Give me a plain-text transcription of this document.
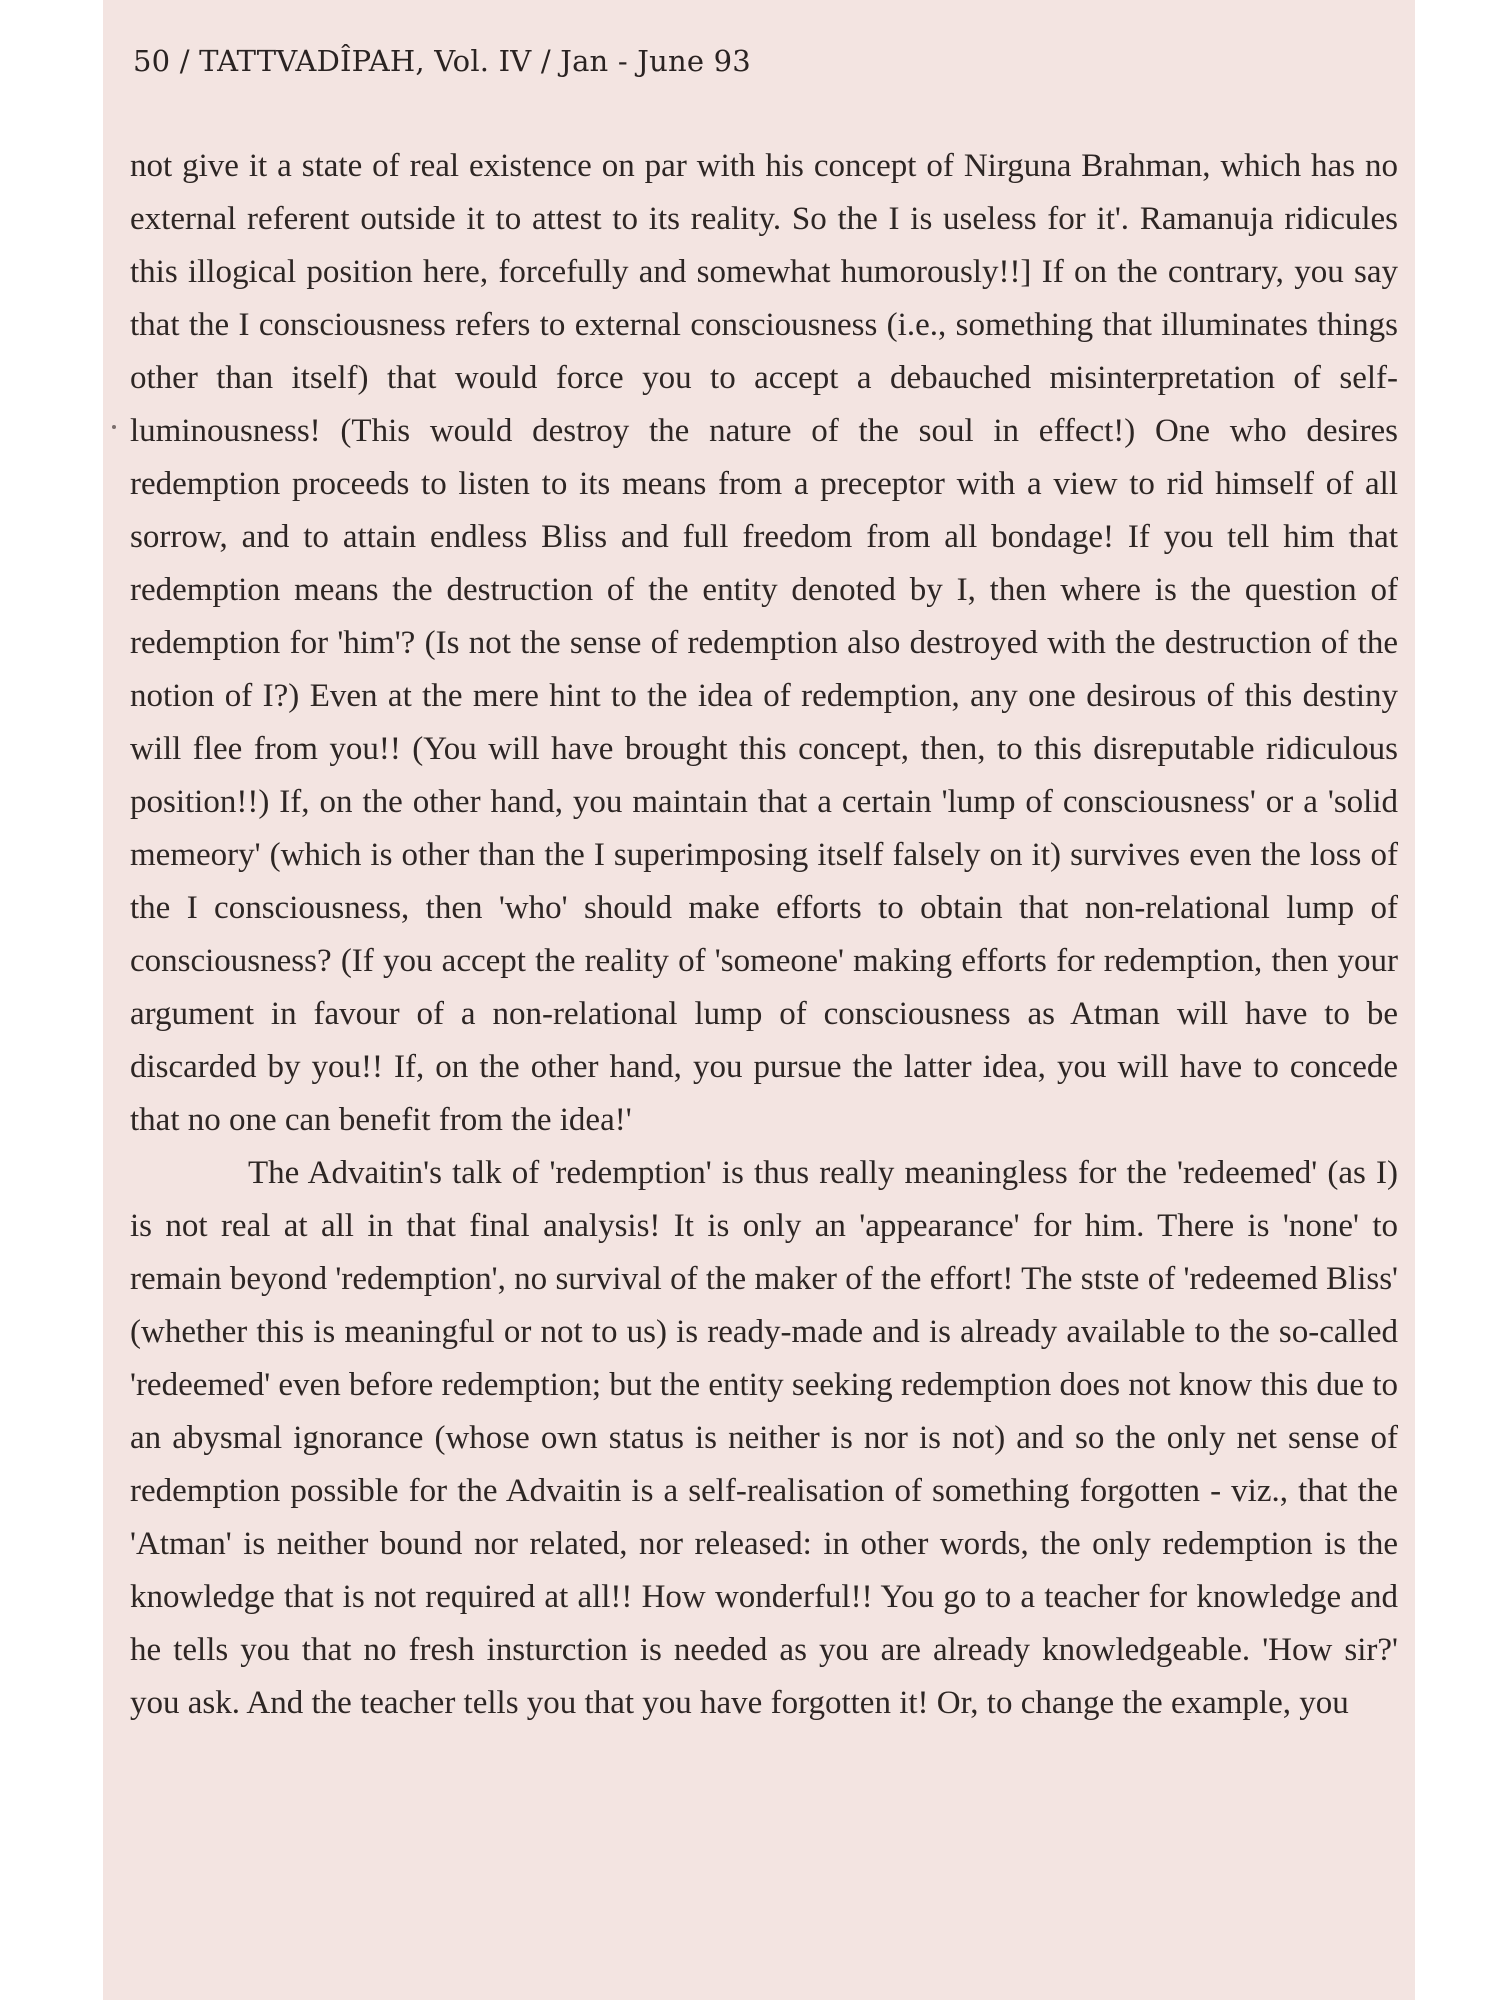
50 / TATTVADÎPAH, Vol. IV / Jan - June 93

not give it a state of real existence on par with his concept of Nirguna Brahman, which has no external referent outside it to attest to its reality. So the I is useless for it'. Ramanuja ridicules this illogical position here, forcefully and somewhat humorously!!] If on the contrary, you say that the I consciousness refers to external consciousness (i.e., something that illuminates things other than itself) that would force you to accept a debauched misinterpretation of self-luminousness! (This would destroy the nature of the soul in effect!) One who desires redemption proceeds to listen to its means from a preceptor with a view to rid himself of all sorrow, and to attain endless Bliss and full freedom from all bondage! If you tell him that redemption means the destruction of the entity denoted by I, then where is the question of redemption for 'him'? (Is not the sense of redemption also destroyed with the destruction of the notion of I?) Even at the mere hint to the idea of redemption, any one desirous of this destiny will flee from you!! (You will have brought this concept, then, to this disreputable ridiculous position!!) If, on the other hand, you maintain that a certain 'lump of consciousness' or a 'solid memeory' (which is other than the I superimposing itself falsely on it) survives even the loss of the I consciousness, then 'who' should make efforts to obtain that non-relational lump of consciousness? (If you accept the reality of 'someone' making efforts for redemption, then your argument in favour of a non-relational lump of consciousness as Atman will have to be discarded by you!! If, on the other hand, you pursue the latter idea, you will have to concede that no one can benefit from the idea!'

The Advaitin's talk of 'redemption' is thus really meaningless for the 'redeemed' (as I) is not real at all in that final analysis! It is only an 'appearance' for him. There is 'none' to remain beyond 'redemption', no survival of the maker of the effort! The stste of 'redeemed Bliss' (whether this is meaningful or not to us) is ready-made and is already available to the so-called 'redeemed' even before redemption; but the entity seeking redemption does not know this due to an abysmal ignorance (whose own status is neither is nor is not) and so the only net sense of redemption possible for the Advaitin is a self-realisation of something forgotten - viz., that the 'Atman' is neither bound nor related, nor released: in other words, the only redemption is the knowledge that is not required at all!! How wonderful!! You go to a teacher for knowledge and he tells you that no fresh insturction is needed as you are already knowledgeable. 'How sir?' you ask. And the teacher tells you that you have forgotten it! Or, to change the example, you
